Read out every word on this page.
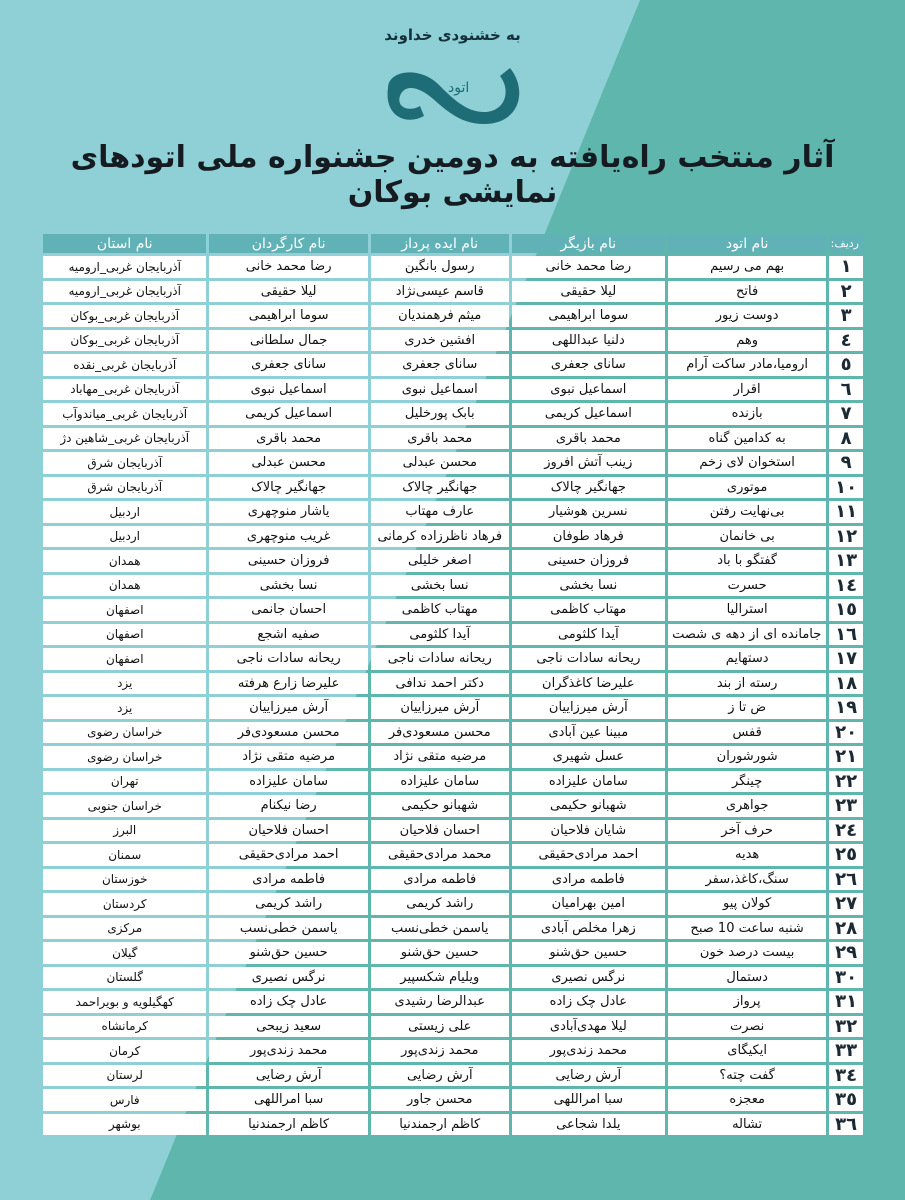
به خشنودی خداوند
اتود
آثار منتخب راه‌یافته به دومین جشنواره ملی اتودهای نمایشی بوکان
ردیف:	نام اتود	نام بازیگر	نام ایده پرداز	نام کارگردان	نام استان
۱	بهم می رسیم	رضا محمد خانی	رسول بانگین	رضا محمد خانی	آذربایجان غربی_ارومیه
۲	فاتح	لیلا حقیقی	قاسم عیسی‌نژاد	لیلا حقیقی	آذربایجان غربی_ارومیه
۳	دوست زیور	سوما ابراهیمی	میثم فرهمندیان	سوما ابراهیمی	آذربایجان غربی_بوکان
٤	وهم	دلنیا عبداللهی	افشین خدری	جمال سلطانی	آذربایجان غربی_بوکان
٥	ارومیا،مادر ساکت آرام	سانای جعفری	سانای جعفری	سانای جعفری	آذربایجان غربی_نقده
٦	اقرار	اسماعیل نبوی	اسماعیل نبوی	اسماعیل نبوی	آذربایجان غربی_مهاباد
۷	بازنده	اسماعیل کریمی	بابک پورخلیل	اسماعیل کریمی	آذربایجان غربی_میاندوآب
۸	به کدامین گناه	محمد باقری	محمد باقری	محمد باقری	آذربایجان غربی_شاهین دژ
۹	استخوان لای زخم	زینب آتش افروز	محسن عبدلی	محسن عبدلی	آذربایجان شرق
۱۰	موتوری	جهانگیر چالاک	جهانگیر چالاک	جهانگیر چالاک	آذربایجان شرق
۱۱	بی‌نهایت رفتن	نسرین هوشیار	عارف مهتاب	یاشار منوچهری	اردبیل
۱۲	بی خانمان	فرهاد طوفان	فرهاد ناظرزاده کرمانی	غریب منوچهری	اردبیل
۱۳	گفتگو با باد	فروزان حسینی	اصغر خلیلی	فروزان حسینی	همدان
۱٤	حسرت	نسا بخشی	نسا بخشی	نسا بخشی	همدان
۱٥	استرالیا	مهتاب کاظمی	مهتاب کاظمی	احسان جانمی	اصفهان
۱٦	جامانده ای از دهه ی شصت	آیدا کلثومی	آیدا کلثومی	صفیه اشجع	اصفهان
۱۷	دستهایم	ریحانه سادات ناجی	ریحانه سادات ناجی	ریحانه سادات ناجی	اصفهان
۱۸	رسته از بند	علیرضا کاغذگران	دکتر احمد ندافی	علیرضا زارع هرفته	یزد
۱۹	ض تا ز	آرش میرزاییان	آرش میرزاییان	آرش میرزاییان	یزد
۲۰	قفس	مبینا عین آبادی	محسن مسعودی‌فر	محسن مسعودی‌فر	خراسان رضوی
۲۱	شورشوران	عسل شهیری	مرضیه متقی نژاد	مرضیه متقی نژاد	خراسان رضوی
۲۲	چینگر	سامان علیزاده	سامان علیزاده	سامان علیزاده	تهران
۲۳	جواهری	شهبانو حکیمی	شهبانو حکیمی	رضا نیکنام	خراسان جنوبی
۲٤	حرف آخر	شایان فلاحیان	احسان فلاحیان	احسان فلاحیان	البرز
۲٥	هدیه	احمد مرادی‌حقیقی	محمد مرادی‌حقیقی	احمد مرادی‌حقیقی	سمنان
۲٦	سنگ،کاغذ،سفر	فاطمه مرادی	فاطمه مرادی	فاطمه مرادی	خوزستان
۲۷	کولان پیو	امین بهرامیان	راشد کریمی	راشد کریمی	کردستان
۲۸	شنبه ساعت 10 صبح	زهرا مخلص آبادی	یاسمن خطی‌نسب	یاسمن خطی‌نسب	مرکزی
۲۹	بیست درصد خون	حسین حق‌شنو	حسین حق‌شنو	حسین حق‌شنو	گیلان
۳۰	دستمال	نرگس نصیری	ویلیام شکسپیر	نرگس نصیری	گلستان
۳۱	پرواز	عادل چک زاده	عبدالرضا رشیدی	عادل چک زاده	کهگیلویه و بویراحمد
۳۲	نصرت	لیلا مهدی‌آبادی	علی زیستی	سعید زیبحی	کرمانشاه
۳۳	ایکیگای	محمد زندی‌پور	محمد زندی‌پور	محمد زندی‌پور	کرمان
۳٤	گفت چته؟	آرش رضایی	آرش رضایی	آرش رضایی	لرستان
۳٥	معجزه	سبا امراللهی	محسن جاور	سبا امراللهی	فارس
۳٦	تشاله	یلدا شجاعی	کاظم ارجمندنیا	کاظم ارجمندنیا	بوشهر
